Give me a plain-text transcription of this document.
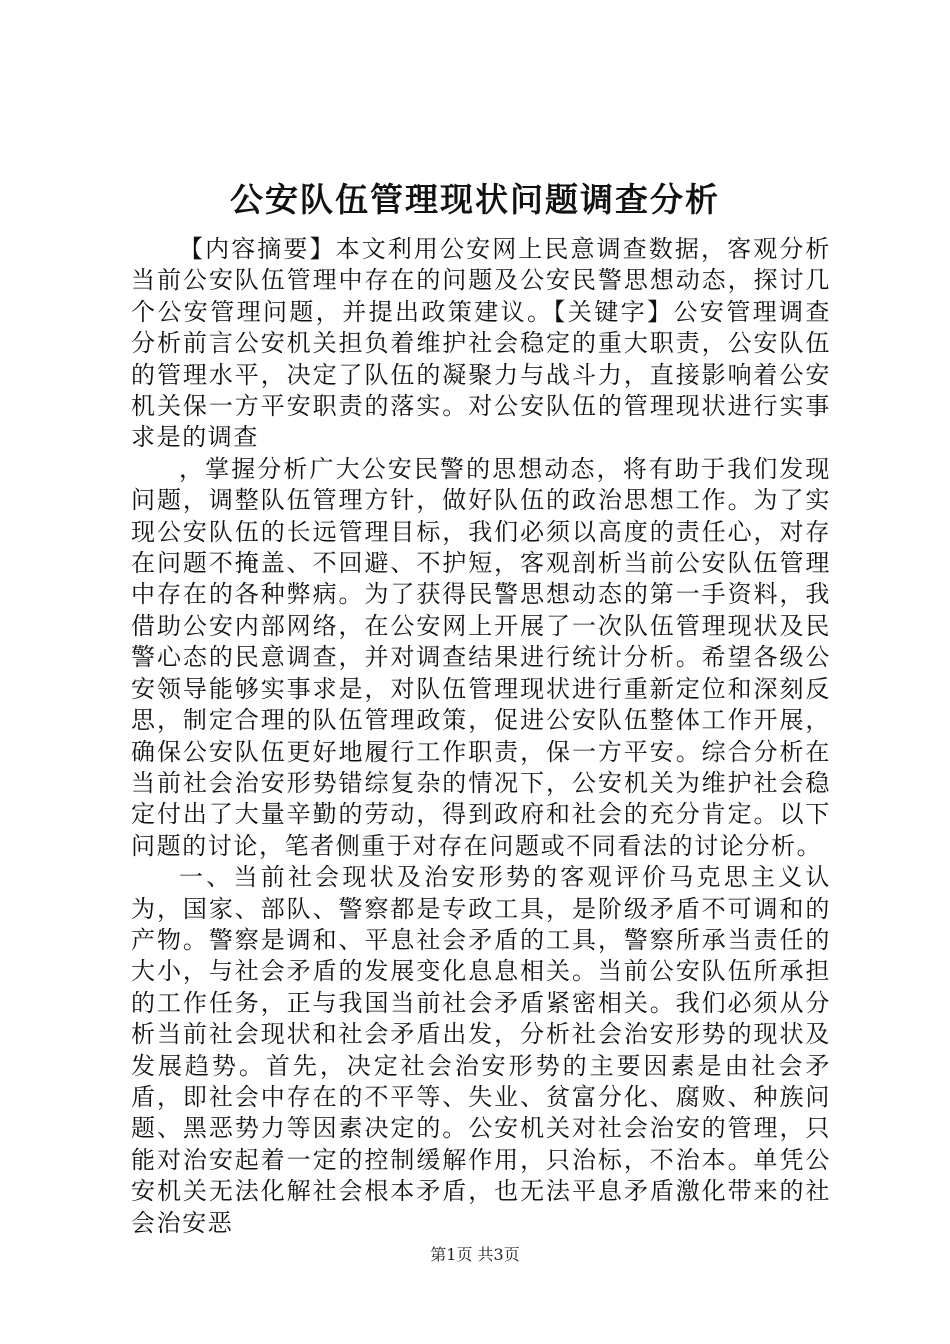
公安队伍管理现状问题调查分析

【内容摘要】本文利用公安网上民意调查数据，客观分析当前公安队伍管理中存在的问题及公安民警思想动态，探讨几个公安管理问题，并提出政策建议。【关键字】公安管理调查分析前言公安机关担负着维护社会稳定的重大职责，公安队伍的管理水平，决定了队伍的凝聚力与战斗力，直接影响着公安机关保一方平安职责的落实。对公安队伍的管理现状进行实事求是的调查

，掌握分析广大公安民警的思想动态，将有助于我们发现问题，调整队伍管理方针，做好队伍的政治思想工作。为了实现公安队伍的长远管理目标，我们必须以高度的责任心，对存在问题不掩盖、不回避、不护短，客观剖析当前公安队伍管理中存在的各种弊病。为了获得民警思想动态的第一手资料，我借助公安内部网络，在公安网上开展了一次队伍管理现状及民警心态的民意调查，并对调查结果进行统计分析。希望各级公安领导能够实事求是，对队伍管理现状进行重新定位和深刻反思，制定合理的队伍管理政策，促进公安队伍整体工作开展，确保公安队伍更好地履行工作职责，保一方平安。综合分析在当前社会治安形势错综复杂的情况下，公安机关为维护社会稳定付出了大量辛勤的劳动，得到政府和社会的充分肯定。以下问题的讨论，笔者侧重于对存在问题或不同看法的讨论分析。

一、当前社会现状及治安形势的客观评价马克思主义认为，国家、部队、警察都是专政工具，是阶级矛盾不可调和的产物。警察是调和、平息社会矛盾的工具，警察所承当责任的大小，与社会矛盾的发展变化息息相关。当前公安队伍所承担的工作任务，正与我国当前社会矛盾紧密相关。我们必须从分析当前社会现状和社会矛盾出发，分析社会治安形势的现状及发展趋势。首先，决定社会治安形势的主要因素是由社会矛盾，即社会中存在的不平等、失业、贫富分化、腐败、种族问题、黑恶势力等因素决定的。公安机关对社会治安的管理，只能对治安起着一定的控制缓解作用，只治标，不治本。单凭公安机关无法化解社会根本矛盾，也无法平息矛盾激化带来的社会治安恶

第1页 共3页
